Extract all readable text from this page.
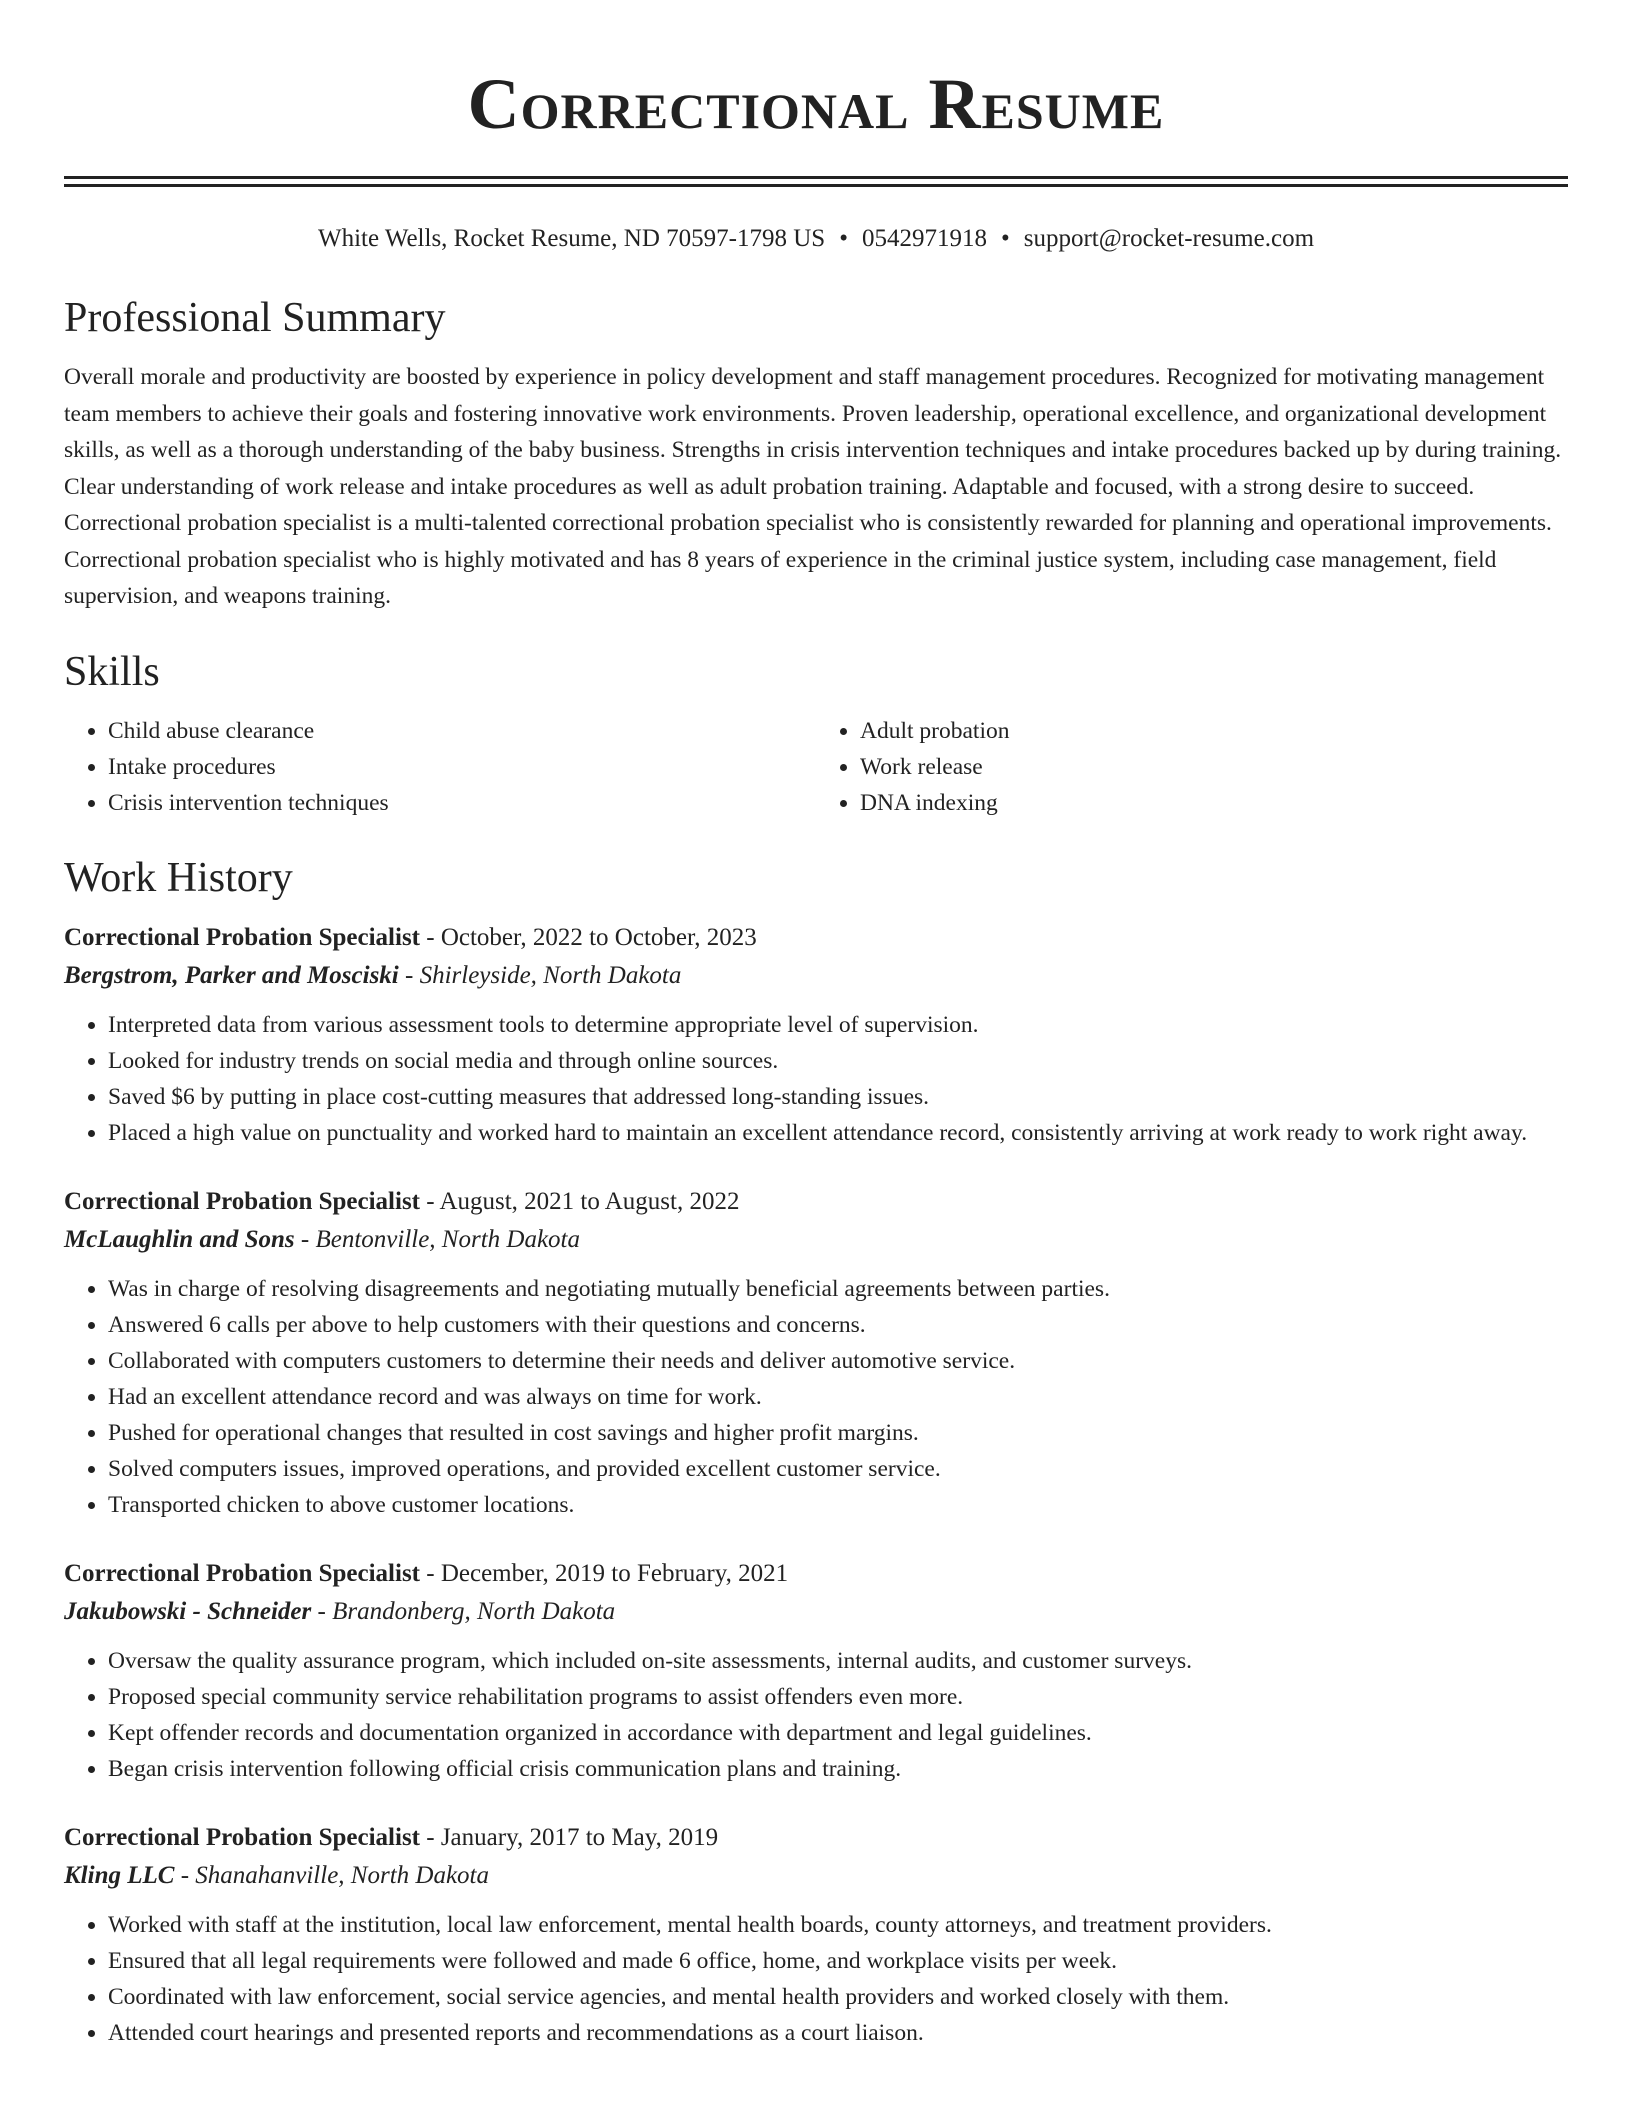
Correctional Resume
White Wells, Rocket Resume, ND 70597-1798 US • 0542971918 • support@rocket-resume.com
Professional Summary

Overall morale and productivity are boosted by experience in policy development and staff management procedures. Recognized for motivating management team members to achieve their goals and fostering innovative work environments. Proven leadership, operational excellence, and organizational development skills, as well as a thorough understanding of the baby business. Strengths in crisis intervention techniques and intake procedures backed up by during training. Clear understanding of work release and intake procedures as well as adult probation training. Adaptable and focused, with a strong desire to succeed. Correctional probation specialist is a multi-talented correctional probation specialist who is consistently rewarded for planning and operational improvements. Correctional probation specialist who is highly motivated and has 8 years of experience in the criminal justice system, including case management, field supervision, and weapons training.

Skills
• Child abuse clearance
• Intake procedures
• Crisis intervention techniques
• Adult probation
• Work release
• DNA indexing
Work History
Correctional Probation Specialist - October, 2022 to October, 2023
Bergstrom, Parker and Mosciski - Shirleyside, North Dakota
• Interpreted data from various assessment tools to determine appropriate level of supervision.
• Looked for industry trends on social media and through online sources.
• Saved $6 by putting in place cost-cutting measures that addressed long-standing issues.
• Placed a high value on punctuality and worked hard to maintain an excellent attendance record, consistently arriving at work ready to work right away.
Correctional Probation Specialist - August, 2021 to August, 2022
McLaughlin and Sons - Bentonville, North Dakota
• Was in charge of resolving disagreements and negotiating mutually beneficial agreements between parties.
• Answered 6 calls per above to help customers with their questions and concerns.
• Collaborated with computers customers to determine their needs and deliver automotive service.
• Had an excellent attendance record and was always on time for work.
• Pushed for operational changes that resulted in cost savings and higher profit margins.
• Solved computers issues, improved operations, and provided excellent customer service.
• Transported chicken to above customer locations.
Correctional Probation Specialist - December, 2019 to February, 2021
Jakubowski - Schneider - Brandonberg, North Dakota
• Oversaw the quality assurance program, which included on-site assessments, internal audits, and customer surveys.
• Proposed special community service rehabilitation programs to assist offenders even more.
• Kept offender records and documentation organized in accordance with department and legal guidelines.
• Began crisis intervention following official crisis communication plans and training.
Correctional Probation Specialist - January, 2017 to May, 2019
Kling LLC - Shanahanville, North Dakota
• Worked with staff at the institution, local law enforcement, mental health boards, county attorneys, and treatment providers.
• Ensured that all legal requirements were followed and made 6 office, home, and workplace visits per week.
• Coordinated with law enforcement, social service agencies, and mental health providers and worked closely with them.
• Attended court hearings and presented reports and recommendations as a court liaison.
